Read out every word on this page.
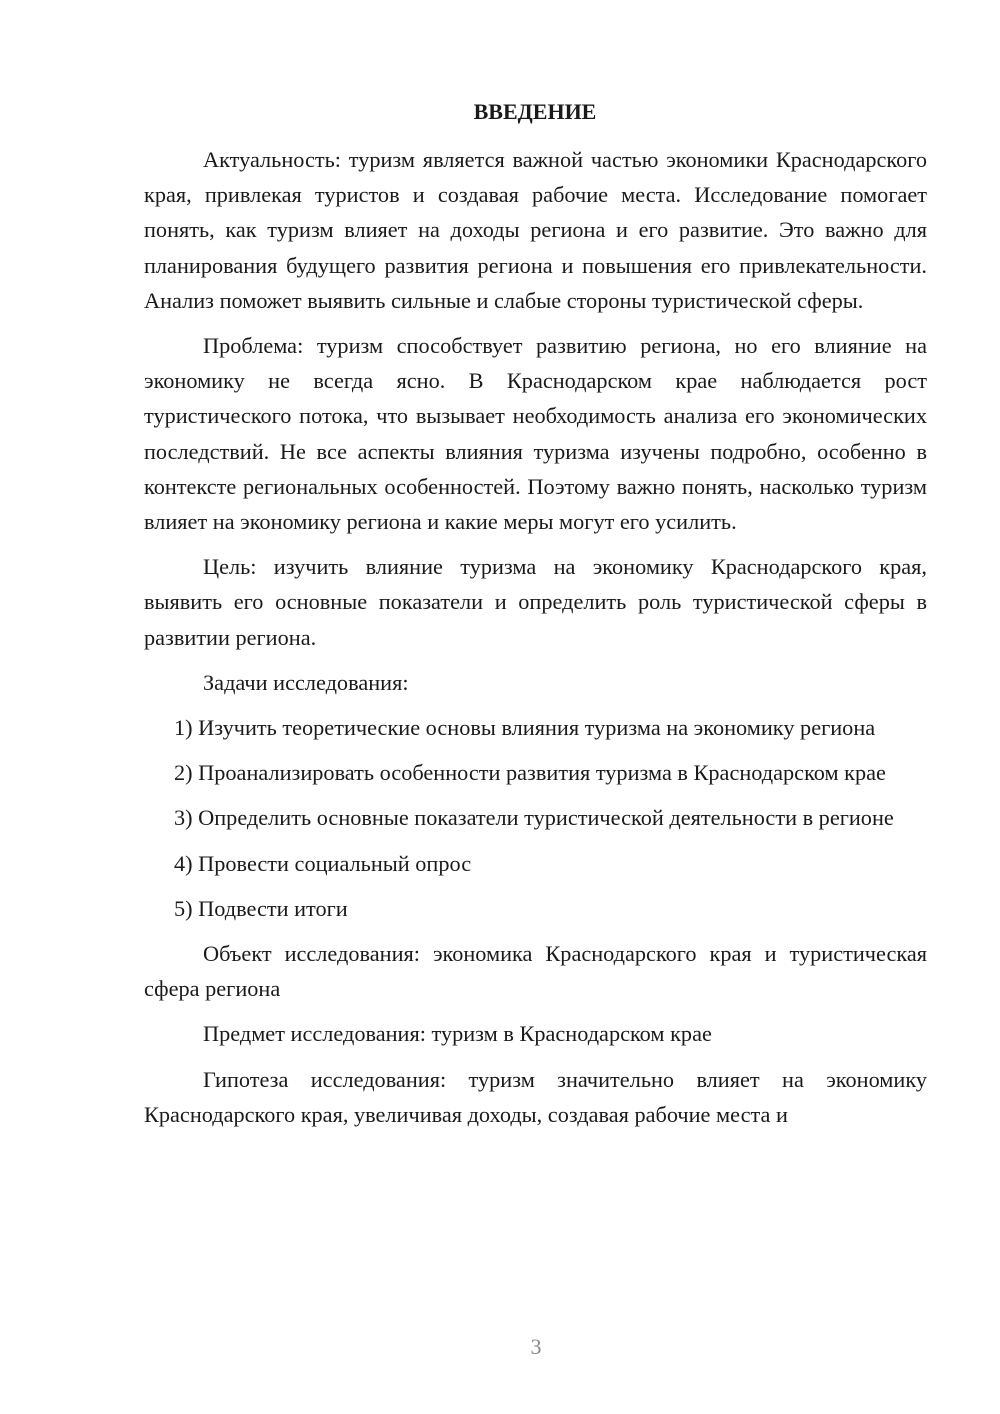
ВВЕДЕНИЕ

Актуальность: туризм является важной частью экономики Краснодарского края, привлекая туристов и создавая рабочие места. Исследование помогает понять, как туризм влияет на доходы региона и его развитие. Это важно для планирования будущего развития региона и повышения его привлекательности. Анализ поможет выявить сильные и слабые стороны туристической сферы.

Проблема: туризм способствует развитию региона, но его влияние на экономику не всегда ясно. В Краснодарском крае наблюдается рост туристического потока, что вызывает необходимость анализа его экономических последствий. Не все аспекты влияния туризма изучены подробно, особенно в контексте региональных особенностей. Поэтому важно понять, насколько туризм влияет на экономику региона и какие меры могут его усилить.

Цель: изучить влияние туризма на экономику Краснодарского края, выявить его основные показатели и определить роль туристической сферы в развитии региона.

Задачи исследования:

1) Изучить теоретические основы влияния туризма на экономику региона

2) Проанализировать особенности развития туризма в Краснодарском крае

3) Определить основные показатели туристической деятельности в регионе

4) Провести социальный опрос

5) Подвести итоги

Объект исследования: экономика Краснодарского края и туристическая сфера региона

Предмет исследования: туризм в Краснодарском крае

Гипотеза исследования: туризм значительно влияет на экономику Краснодарского края, увеличивая доходы, создавая рабочие места и

3
